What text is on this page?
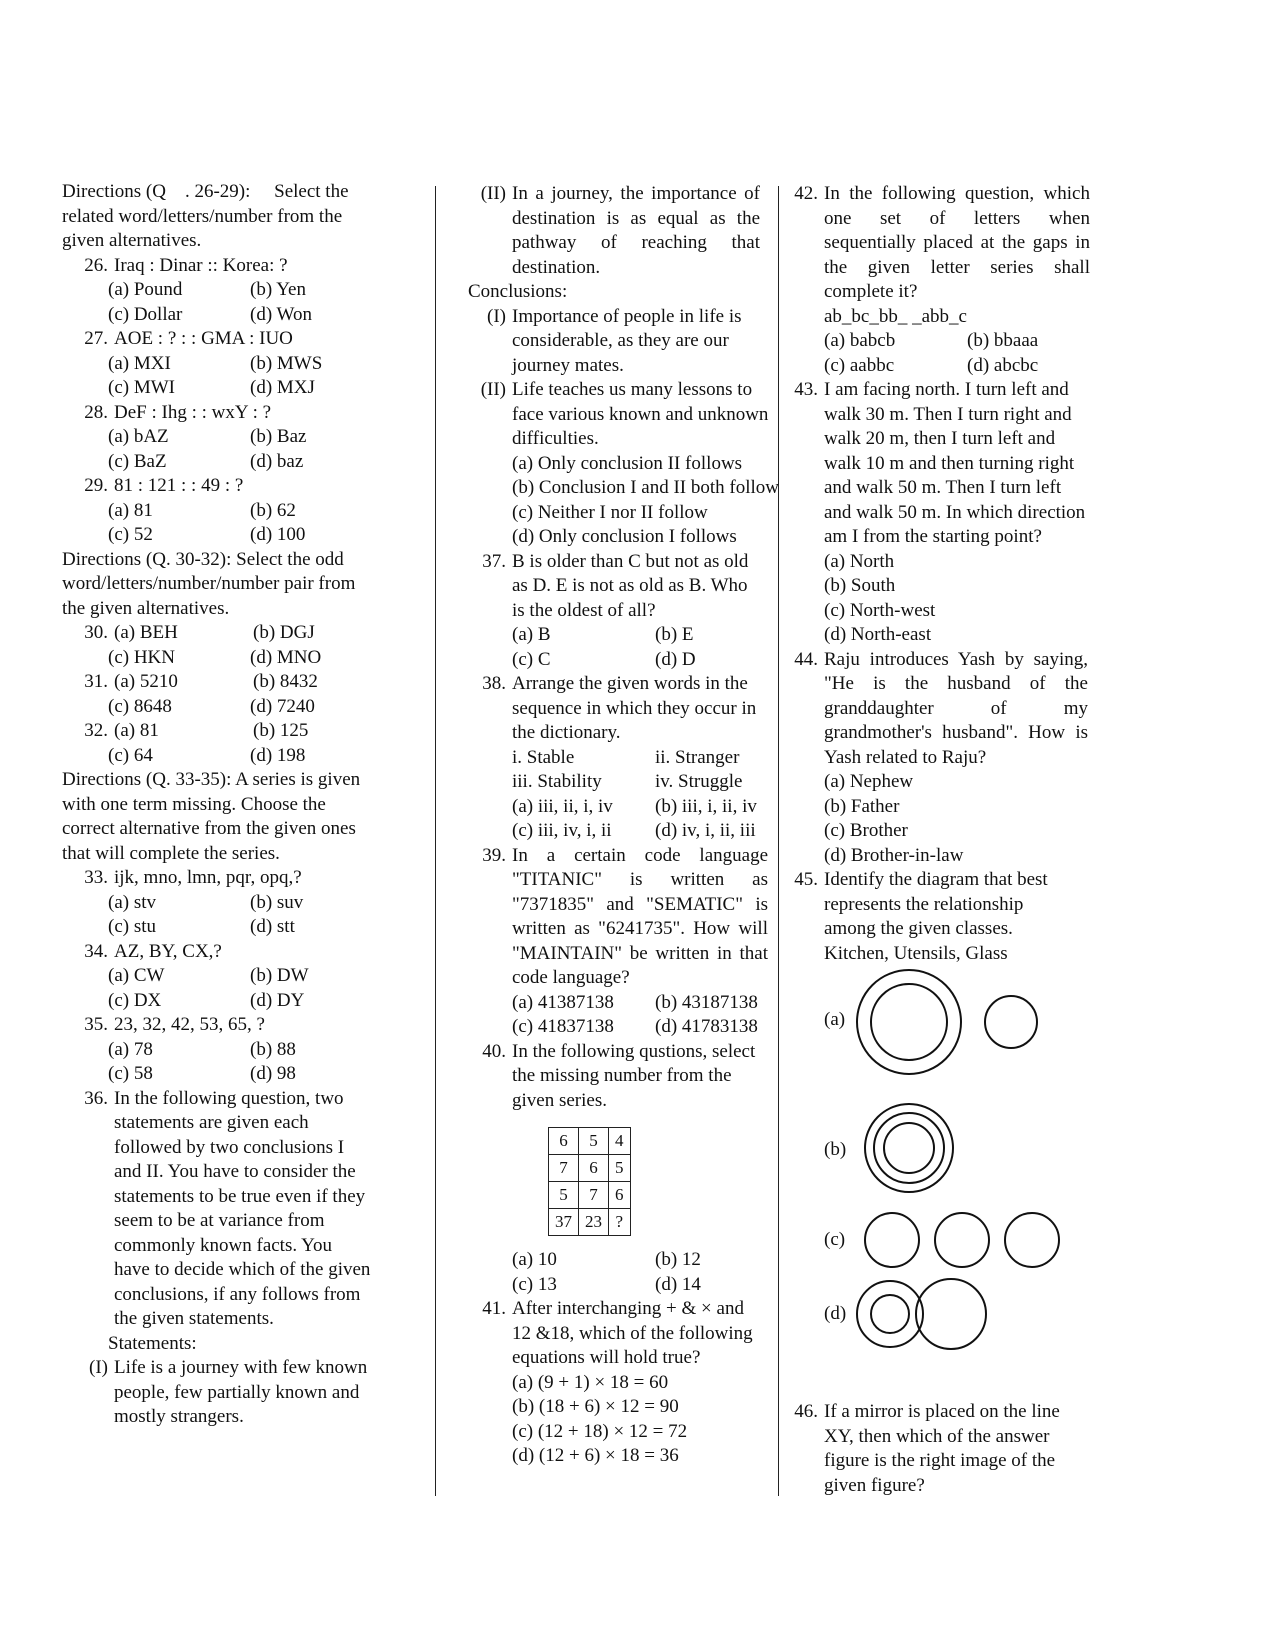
Directions (Q . 26-29):  Select the related word/letters/number from the given alternatives.
26. Iraq : Dinar :: Korea: ?
(a) Pound	(b) Yen
(c) Dollar	(d) Won
27. AOE : ? : : GMA : IUO
(a) MXI	(b) MWS
(c) MWI	(d) MXJ
28. DeF : Ihg : : wxY : ?
(a) bAZ	(b) Baz
(c) BaZ	(d) baz
29. 81 : 121 : : 49 : ?
(a) 81	(b) 62
(c) 52	(d) 100
Directions (Q. 30-32): Select the odd word/letters/number/number pair from the given alternatives.
30. (a) BEH	(b) DGJ
(c) HKN	(d) MNO
31. (a) 5210	(b) 8432
(c) 8648	(d) 7240
32. (a) 81	(b) 125
(c) 64	(d) 198
Directions (Q. 33-35): A series is given with one term missing. Choose the correct alternative from the given ones that will complete the series.
33. ijk, mno, lmn, pqr, opq,?
(a) stv	(b) suv
(c) stu	(d) stt
34. AZ, BY, CX,?
(a) CW	(b) DW
(c) DX	(d) DY
35. 23, 32, 42, 53, 65, ?
(a) 78	(b) 88
(c) 58	(d) 98
36. In the following question, two statements are given each followed by two conclusions I and II. You have to consider the statements to be true even if they seem to be at variance from commonly known facts. You have to decide which of the given conclusions, if any follows from the given statements.
Statements:
(I) Life is a journey with few known people, few partially known and mostly strangers.
(II) In a journey, the importance of destination is as equal as the pathway of reaching that destination.
Conclusions:
(I) Importance of people in life is considerable, as they are our journey mates.
(II) Life teaches us many lessons to face various known and unknown difficulties.
(a) Only conclusion II follows
(b) Conclusion I and II both follow
(c) Neither I nor II follow
(d) Only conclusion I follows
37. B is older than C but not as old as D. E is not as old as B. Who is the oldest of all?
(a) B	(b) E
(c) C	(d) D
38. Arrange the given words in the sequence in which they occur in the dictionary.
i. Stable	ii. Stranger
iii. Stability	iv. Struggle
(a) iii, ii, i, iv	(b) iii, i, ii, iv
(c) iii, iv, i, ii	(d) iv, i, ii, iii
39. In a certain code language "TITANIC" is written as "7371835" and "SEMATIC" is written as "6241735". How will "MAINTAIN" be written in that code language?
(a) 41387138	(b) 43187138
(c) 41837138	(d) 41783138
40. In the following qustions, select the missing number from the given series.
6	5	4
7	6	5
5	7	6
37	23	?
(a) 10	(b) 12
(c) 13	(d) 14
41. After interchanging + & × and 12 &18, which of the following equations will hold true?
(a) (9 + 1) × 18 = 60
(b) (18 + 6) × 12 = 90
(c) (12 + 18) × 12 = 72
(d) (12 + 6) × 18 = 36
42. In the following question, which one set of letters when sequentially placed at the gaps in the given letter series shall complete it?
ab_bc_bb_ _abb_c
(a) babcb	(b) bbaaa
(c) aabbc	(d) abcbc
43. I am facing north. I turn left and walk 30 m. Then I turn right and walk 20 m, then I turn left and walk 10 m and then turning right and walk 50 m. Then I turn left and walk 50 m. In which direction am I from the starting point?
(a) North
(b) South
(c) North-west
(d) North-east
44. Raju introduces Yash by saying, "He is the husband of the granddaughter of my grandmother's husband". How is Yash related to Raju?
(a) Nephew
(b) Father
(c) Brother
(d) Brother-in-law
45. Identify the diagram that best represents the relationship among the given classes.
Kitchen, Utensils, Glass
(a)
(b)
(c)
(d)
46. If a mirror is placed on the line XY, then which of the answer figure is the right image of the given figure?
